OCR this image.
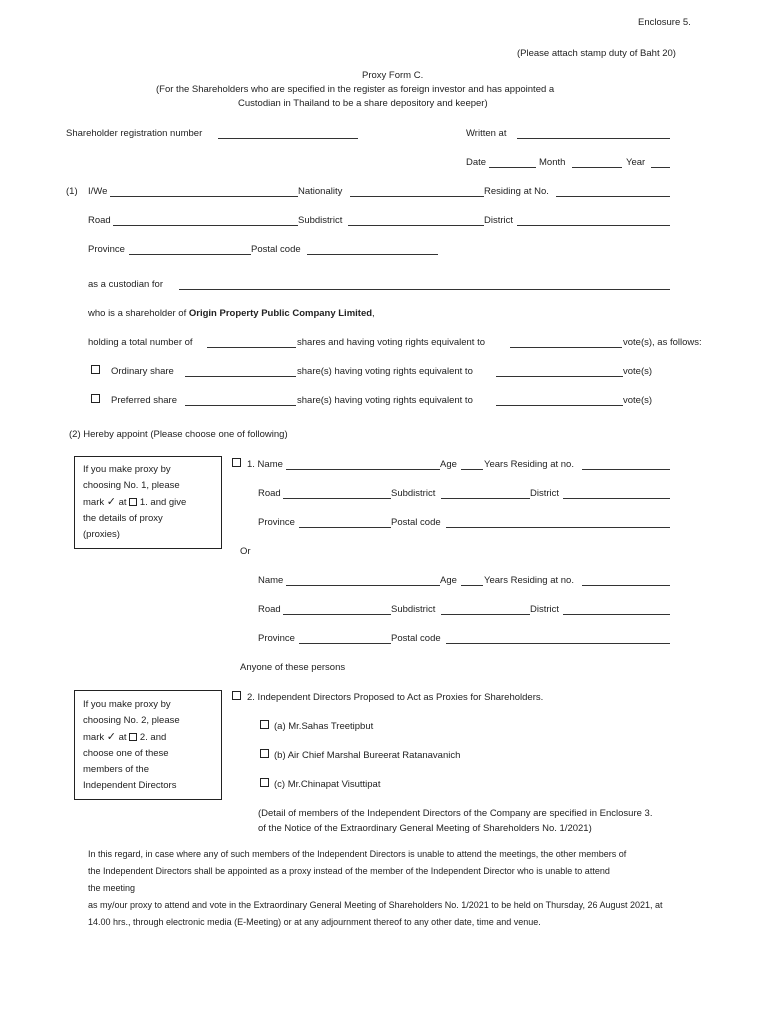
Enclosure 5.
(Please attach stamp duty of Baht 20)
Proxy Form C.
(For the Shareholders who are specified in the register as foreign investor and has appointed a
Custodian in Thailand to be a share depository and keeper)
Shareholder registration number	Written at
Date	Month	Year
(1) I/We	Nationality	Residing at No.
Road	Subdistrict	District
Province	Postal code
as a custodian for
who is a shareholder of Origin Property Public Company Limited,
holding a total number of	shares and having voting rights equivalent to	vote(s), as follows:
Ordinary share	share(s) having voting rights equivalent to	vote(s)
Preferred share	share(s) having voting rights equivalent to	vote(s)
(2) Hereby appoint (Please choose one of following)
If you make proxy by
choosing No. 1, please
mark ✓ at 1. and give
the details of proxy
(proxies)
1. Name	Age	Years Residing at no.
Road	Subdistrict	District
Province	Postal code
Or
Name	Age	Years Residing at no.
Road	Subdistrict	District
Province	Postal code
Anyone of these persons
If you make proxy by
choosing No. 2, please
mark ✓ at 2. and
choose one of these
members of the
Independent Directors
2. Independent Directors Proposed to Act as Proxies for Shareholders.
(a) Mr.Sahas Treetipbut
(b) Air Chief Marshal Bureerat Ratanavanich
(c) Mr.Chinapat Visuttipat
(Detail of members of the Independent Directors of the Company are specified in Enclosure 3.
of the Notice of the Extraordinary General Meeting of Shareholders No. 1/2021)
In this regard, in case where any of such members of the Independent Directors is unable to attend the meetings, the other members of
the Independent Directors shall be appointed as a proxy instead of the member of the Independent Director who is unable to attend
the meeting
as my/our proxy to attend and vote in the Extraordinary General Meeting of Shareholders No. 1/2021 to be held on Thursday, 26 August 2021, at
14.00 hrs., through electronic media (E-Meeting) or at any adjournment thereof to any other date, time and venue.
